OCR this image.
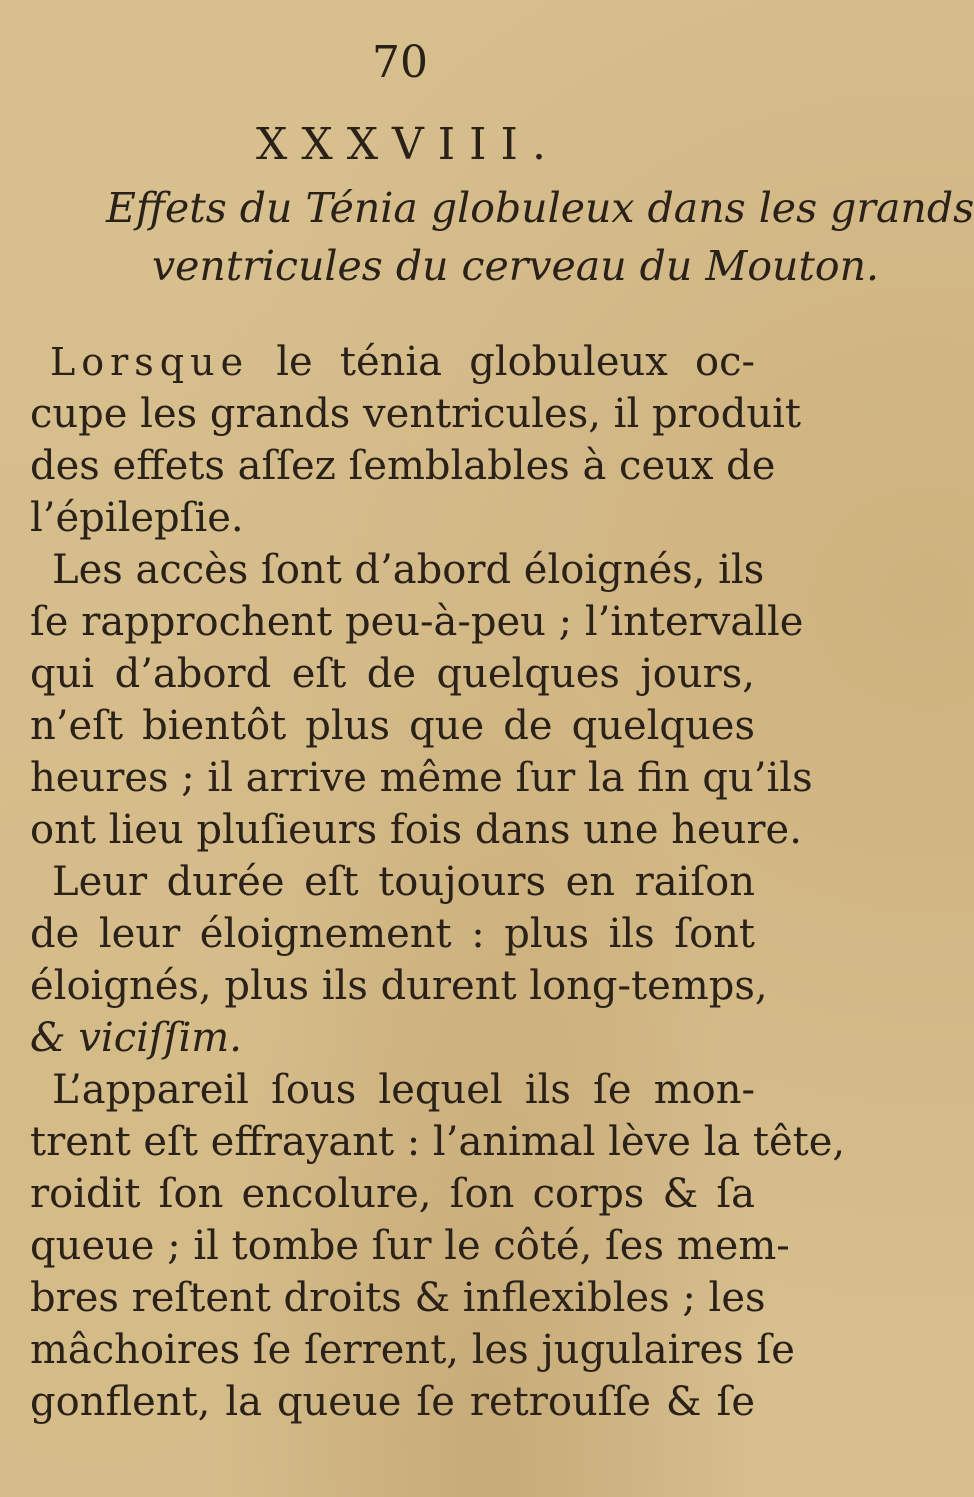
70
XXXVIII.
Effets du Ténia globuleux dans les grands
ventricules du cerveau du Mouton.
Lorsque le ténia globuleux oc-
cupe les grands ventricules, il produit
des effets aſſez ſemblables à ceux de
l’épilepſie.
Les accès ſont d’abord éloignés, ils
ſe rapprochent peu-à-peu ; l’intervalle
qui d’abord eſt de quelques jours,
n’eſt bientôt plus que de quelques
heures ; il arrive même ſur la fin qu’ils
ont lieu pluſieurs fois dans une heure.
Leur durée eſt toujours en raiſon
de leur éloignement : plus ils ſont
éloignés, plus ils durent long-temps,
& viciſſim.
L’appareil ſous lequel ils ſe mon-
trent eſt effrayant : l’animal lève la tête,
roidit ſon encolure, ſon corps & ſa
queue ; il tombe ſur le côté, ſes mem-
bres reſtent droits & inflexibles ; les
mâchoires ſe ſerrent, les jugulaires ſe
gonflent, la queue ſe retrouſſe & ſe
